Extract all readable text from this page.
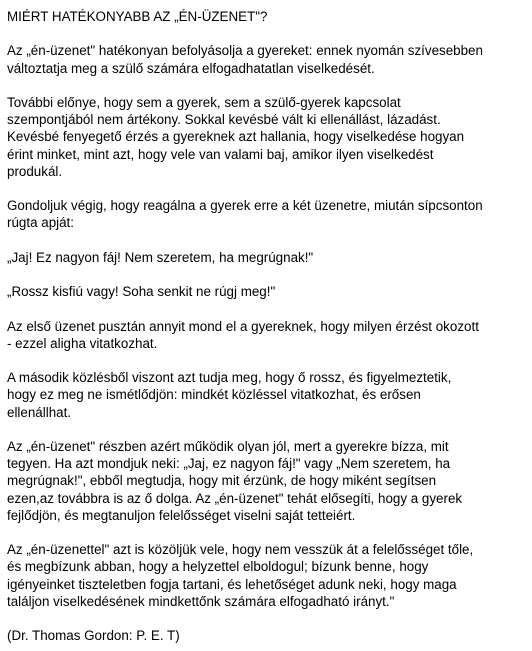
MIÉRT HATÉKONYABB AZ „ÉN-ÜZENET"?

Az „én-üzenet" hatékonyan befolyásolja a gyereket: ennek nyomán szívesebben
változtatja meg a szülő számára elfogadhatatlan viselkedését.

További előnye, hogy sem a gyerek, sem a szülő-gyerek kapcsolat
szempontjából nem ártékony. Sokkal kevésbé vált ki ellenállást, lázadást.
Kevésbé fenyegető érzés a gyereknek azt hallania, hogy viselkedése hogyan
érint minket, mint azt, hogy vele van valami baj, amikor ilyen viselkedést
produkál.

Gondoljuk végig, hogy reagálna a gyerek erre a két üzenetre, miután sípcsonton
rúgta apját:

„Jaj! Ez nagyon fáj! Nem szeretem, ha megrúgnak!"

„Rossz kisfiú vagy! Soha senkit ne rúgj meg!"

Az első üzenet pusztán annyit mond el a gyereknek, hogy milyen érzést okozott
- ezzel aligha vitatkozhat.

A második közlésből viszont azt tudja meg, hogy ő rossz, és figyelmeztetik,
hogy ez meg ne ismétlődjön: mindkét közléssel vitatkozhat, és erősen
ellenállhat.

Az „én-üzenet" részben azért működik olyan jól, mert a gyerekre bízza, mit
tegyen. Ha azt mondjuk neki: „Jaj, ez nagyon fáj!" vagy „Nem szeretem, ha
megrúgnak!", ebből megtudja, hogy mit érzünk, de hogy miként segítsen
ezen,az továbbra is az ő dolga. Az „én-üzenet" tehát elősegíti, hogy a gyerek
fejlődjön, és megtanuljon felelősséget viselni saját tetteiért.

Az „én-üzenettel" azt is közöljük vele, hogy nem vesszük át a felelősséget tőle,
és megbízunk abban, hogy a helyzettel elboldogul; bízunk benne, hogy
igényeinket tiszteletben fogja tartani, és lehetőséget adunk neki, hogy maga
találjon viselkedésének mindkettőnk számára elfogadható irányt."

(Dr. Thomas Gordon: P. E. T)
